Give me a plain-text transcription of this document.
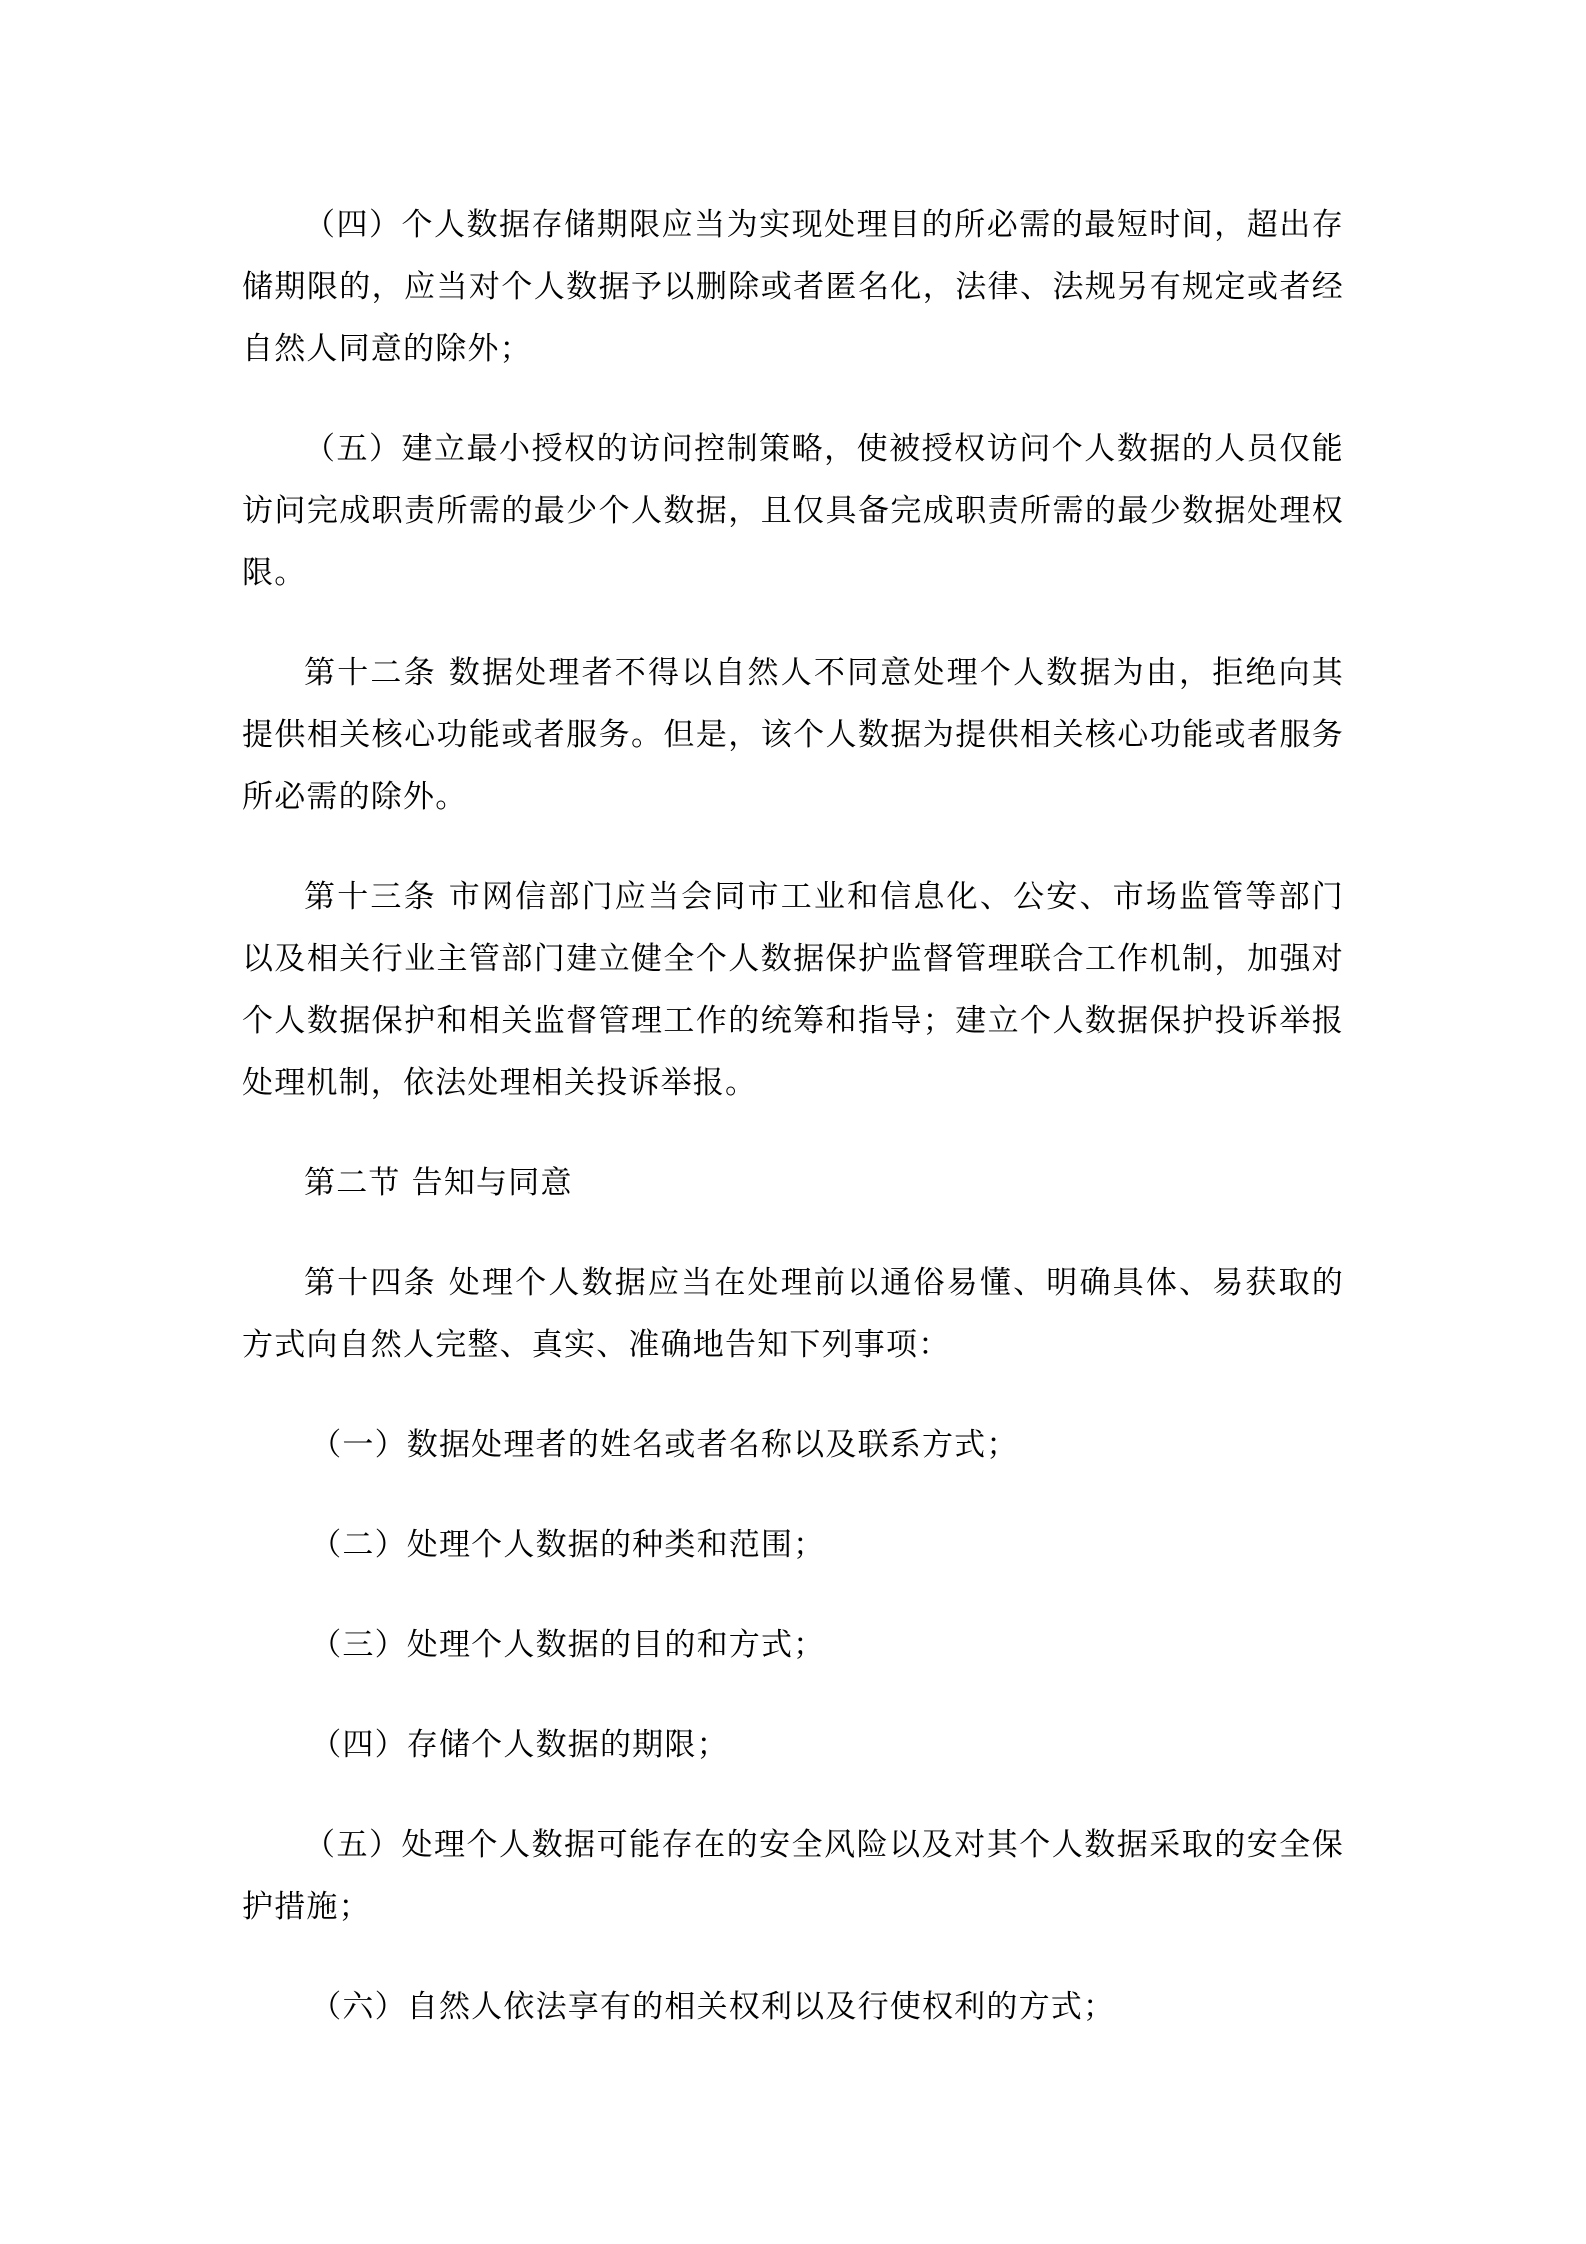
（四）个人数据存储期限应当为实现处理目的所必需的最短时间，超出存储期限的，应当对个人数据予以删除或者匿名化，法律、法规另有规定或者经自然人同意的除外；

（五）建立最小授权的访问控制策略，使被授权访问个人数据的人员仅能访问完成职责所需的最少个人数据，且仅具备完成职责所需的最少数据处理权限。

第十二条 数据处理者不得以自然人不同意处理个人数据为由，拒绝向其提供相关核心功能或者服务。但是，该个人数据为提供相关核心功能或者服务所必需的除外。

第十三条 市网信部门应当会同市工业和信息化、公安、市场监管等部门以及相关行业主管部门建立健全个人数据保护监督管理联合工作机制，加强对个人数据保护和相关监督管理工作的统筹和指导；建立个人数据保护投诉举报处理机制，依法处理相关投诉举报。

第二节 告知与同意

第十四条 处理个人数据应当在处理前以通俗易懂、明确具体、易获取的方式向自然人完整、真实、准确地告知下列事项：

（一）数据处理者的姓名或者名称以及联系方式；

（二）处理个人数据的种类和范围；

（三）处理个人数据的目的和方式；

（四）存储个人数据的期限；

（五）处理个人数据可能存在的安全风险以及对其个人数据采取的安全保护措施；

（六）自然人依法享有的相关权利以及行使权利的方式；
